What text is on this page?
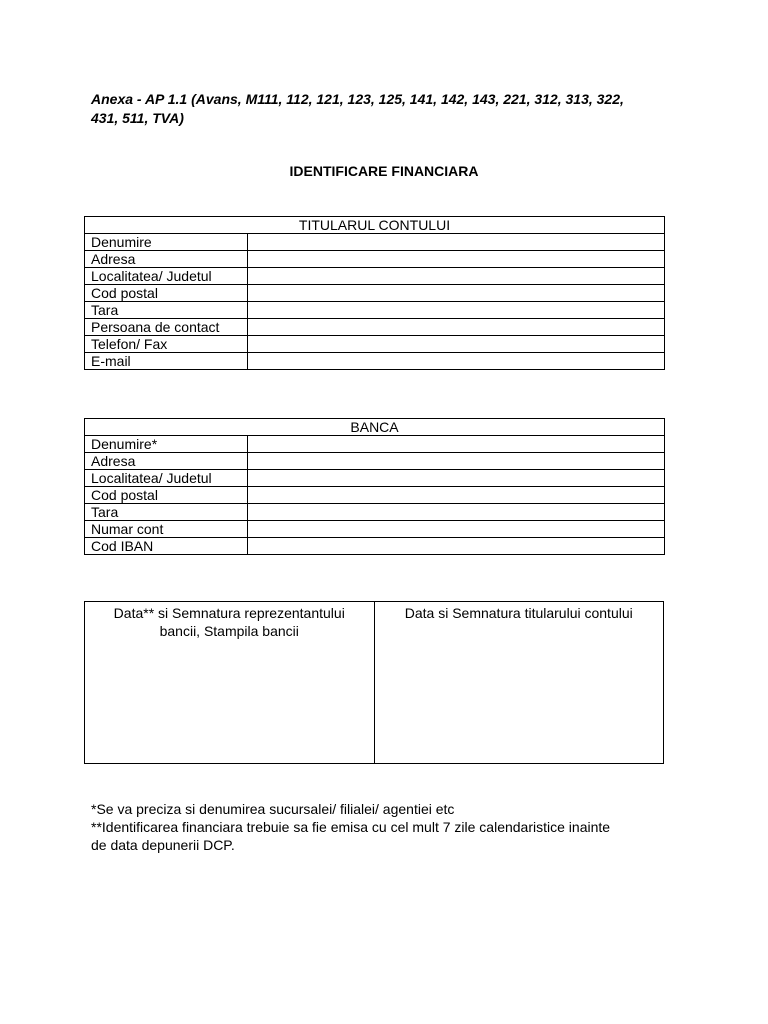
Anexa - AP 1.1 (Avans, M111, 112, 121, 123, 125, 141, 142, 143, 221, 312, 313, 322,
431, 511, TVA)
IDENTIFICARE FINANCIARA
TITULARUL CONTULUI	
Denumire	
Adresa	
Localitatea/ Judetul	
Cod postal	
Tara	
Persoana de contact	
Telefon/ Fax	
E-mail	
BANCA	
Denumire*	
Adresa	
Localitatea/ Judetul	
Cod postal	
Tara	
Numar cont	
Cod IBAN	
Data** si Semnatura reprezentantului
bancii, Stampila bancii

Data si Semnatura titularului contului

*Se va preciza si denumirea sucursalei/ filialei/ agentiei etc

**Identificarea financiara trebuie sa fie emisa cu cel mult 7 zile calendaristice inainte

de data depunerii DCP.
